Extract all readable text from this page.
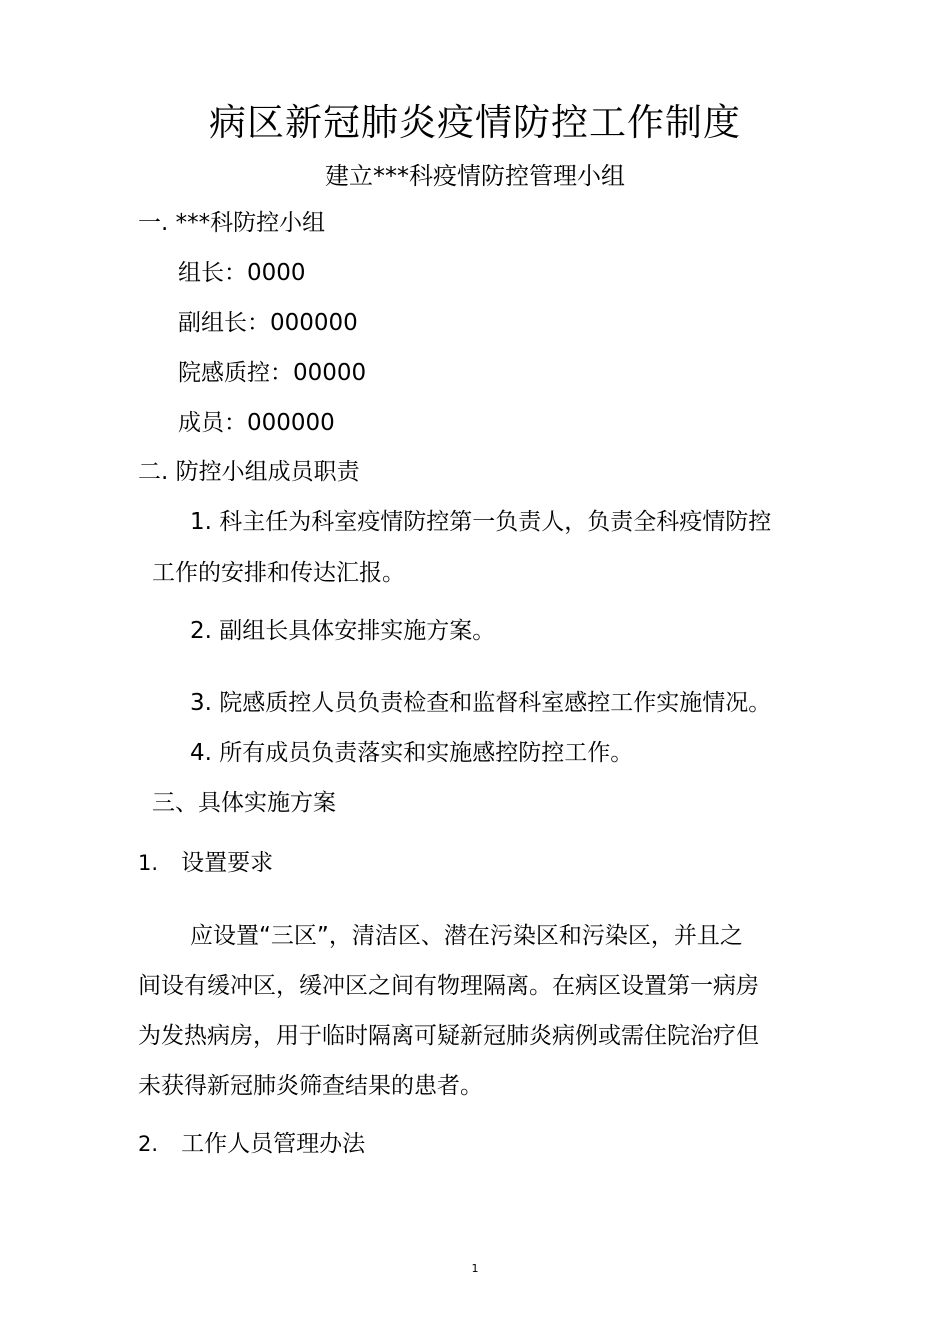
病区新冠肺炎疫情防控工作制度
建立***科疫情防控管理小组
一. ***科防控小组
组长：0000
副组长：000000
院感质控：00000
成员：000000
二. 防控小组成员职责
1. 科主任为科室疫情防控第一负责人，负责全科疫情防控
工作的安排和传达汇报。
2. 副组长具体安排实施方案。
3. 院感质控人员负责检查和监督科室感控工作实施情况。
4. 所有成员负责落实和实施感控防控工作。
三、具体实施方案
1. 设置要求
应设置“三区”，清洁区、潜在污染区和污染区，并且之
间设有缓冲区，缓冲区之间有物理隔离。在病区设置第一病房
为发热病房，用于临时隔离可疑新冠肺炎病例或需住院治疗但
未获得新冠肺炎筛查结果的患者。
2. 工作人员管理办法
1
